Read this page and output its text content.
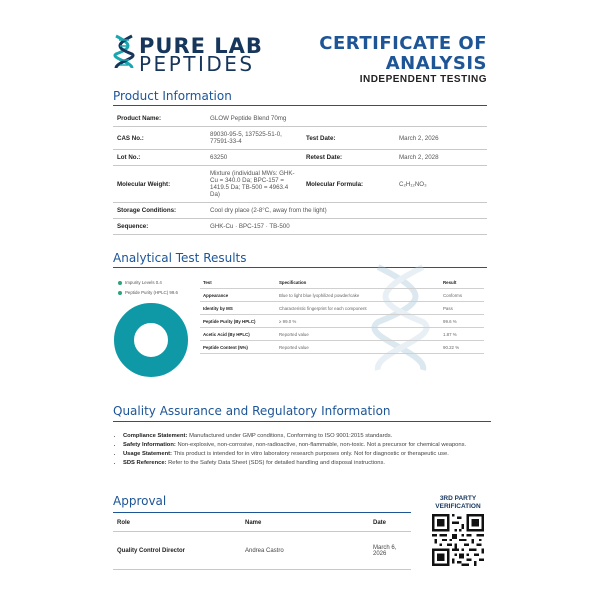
PURE LAB
PEPTIDES
CERTIFICATE OF
ANALYSIS
INDEPENDENT TESTING
Product Information
Product Name:	GLOW Peptide Blend 70mg		
CAS No.:	89030-95-5, 137525-51-0, 77591-33-4	Test Date:	March 2, 2026
Lot No.:	63250	Retest Date:	March 2, 2028
Molecular Weight:	Mixture (individual MWs: GHK-Cu = 340.0 Da; BPC-157 = 1419.5 Da; TB-500 = 4963.4 Da)	Molecular Formula:	C₂H₁₂NO₃
Storage Conditions:	Cool dry place (2-8°C, away from the light)		
Sequence:	GHK-Cu · BPC-157 · TB-500		
Analytical Test Results
Impurity Levels 0.4
Peptide Purity (HPLC) 99.6
Test	Specification	Result
Appearance	Blue to light blue lyophilized powder/cake	Conforms
Identity by MS	Characteristic fingerprint for each component	Pass
Peptide Purity (By HPLC)	≥ 99.0 %	99.6 %
Acetic Acid (By HPLC)	Reported value	1.87 %
Peptide Content (N%)	Reported value	90.22 %
Quality Assurance and Regulatory Information
• Compliance Statement: Manufactured under GMP conditions, Conforming to ISO 9001:2015 standards.
• Safety Information: Non-explosive, non-corrosive, non-radioactive, non-flammable, non-toxic. Not a precursor for chemical weapons.
• Usage Statement: This product is intended for in vitro laboratory research purposes only. Not for diagnostic or therapeutic use.
• SDS Reference: Refer to the Safety Data Sheet (SDS) for detailed handling and disposal instructions.
Approval
Role	Name	Date
Quality Control Director	Andrea Castro	March 6, 2026
3RD PARTY
VERIFICATION
